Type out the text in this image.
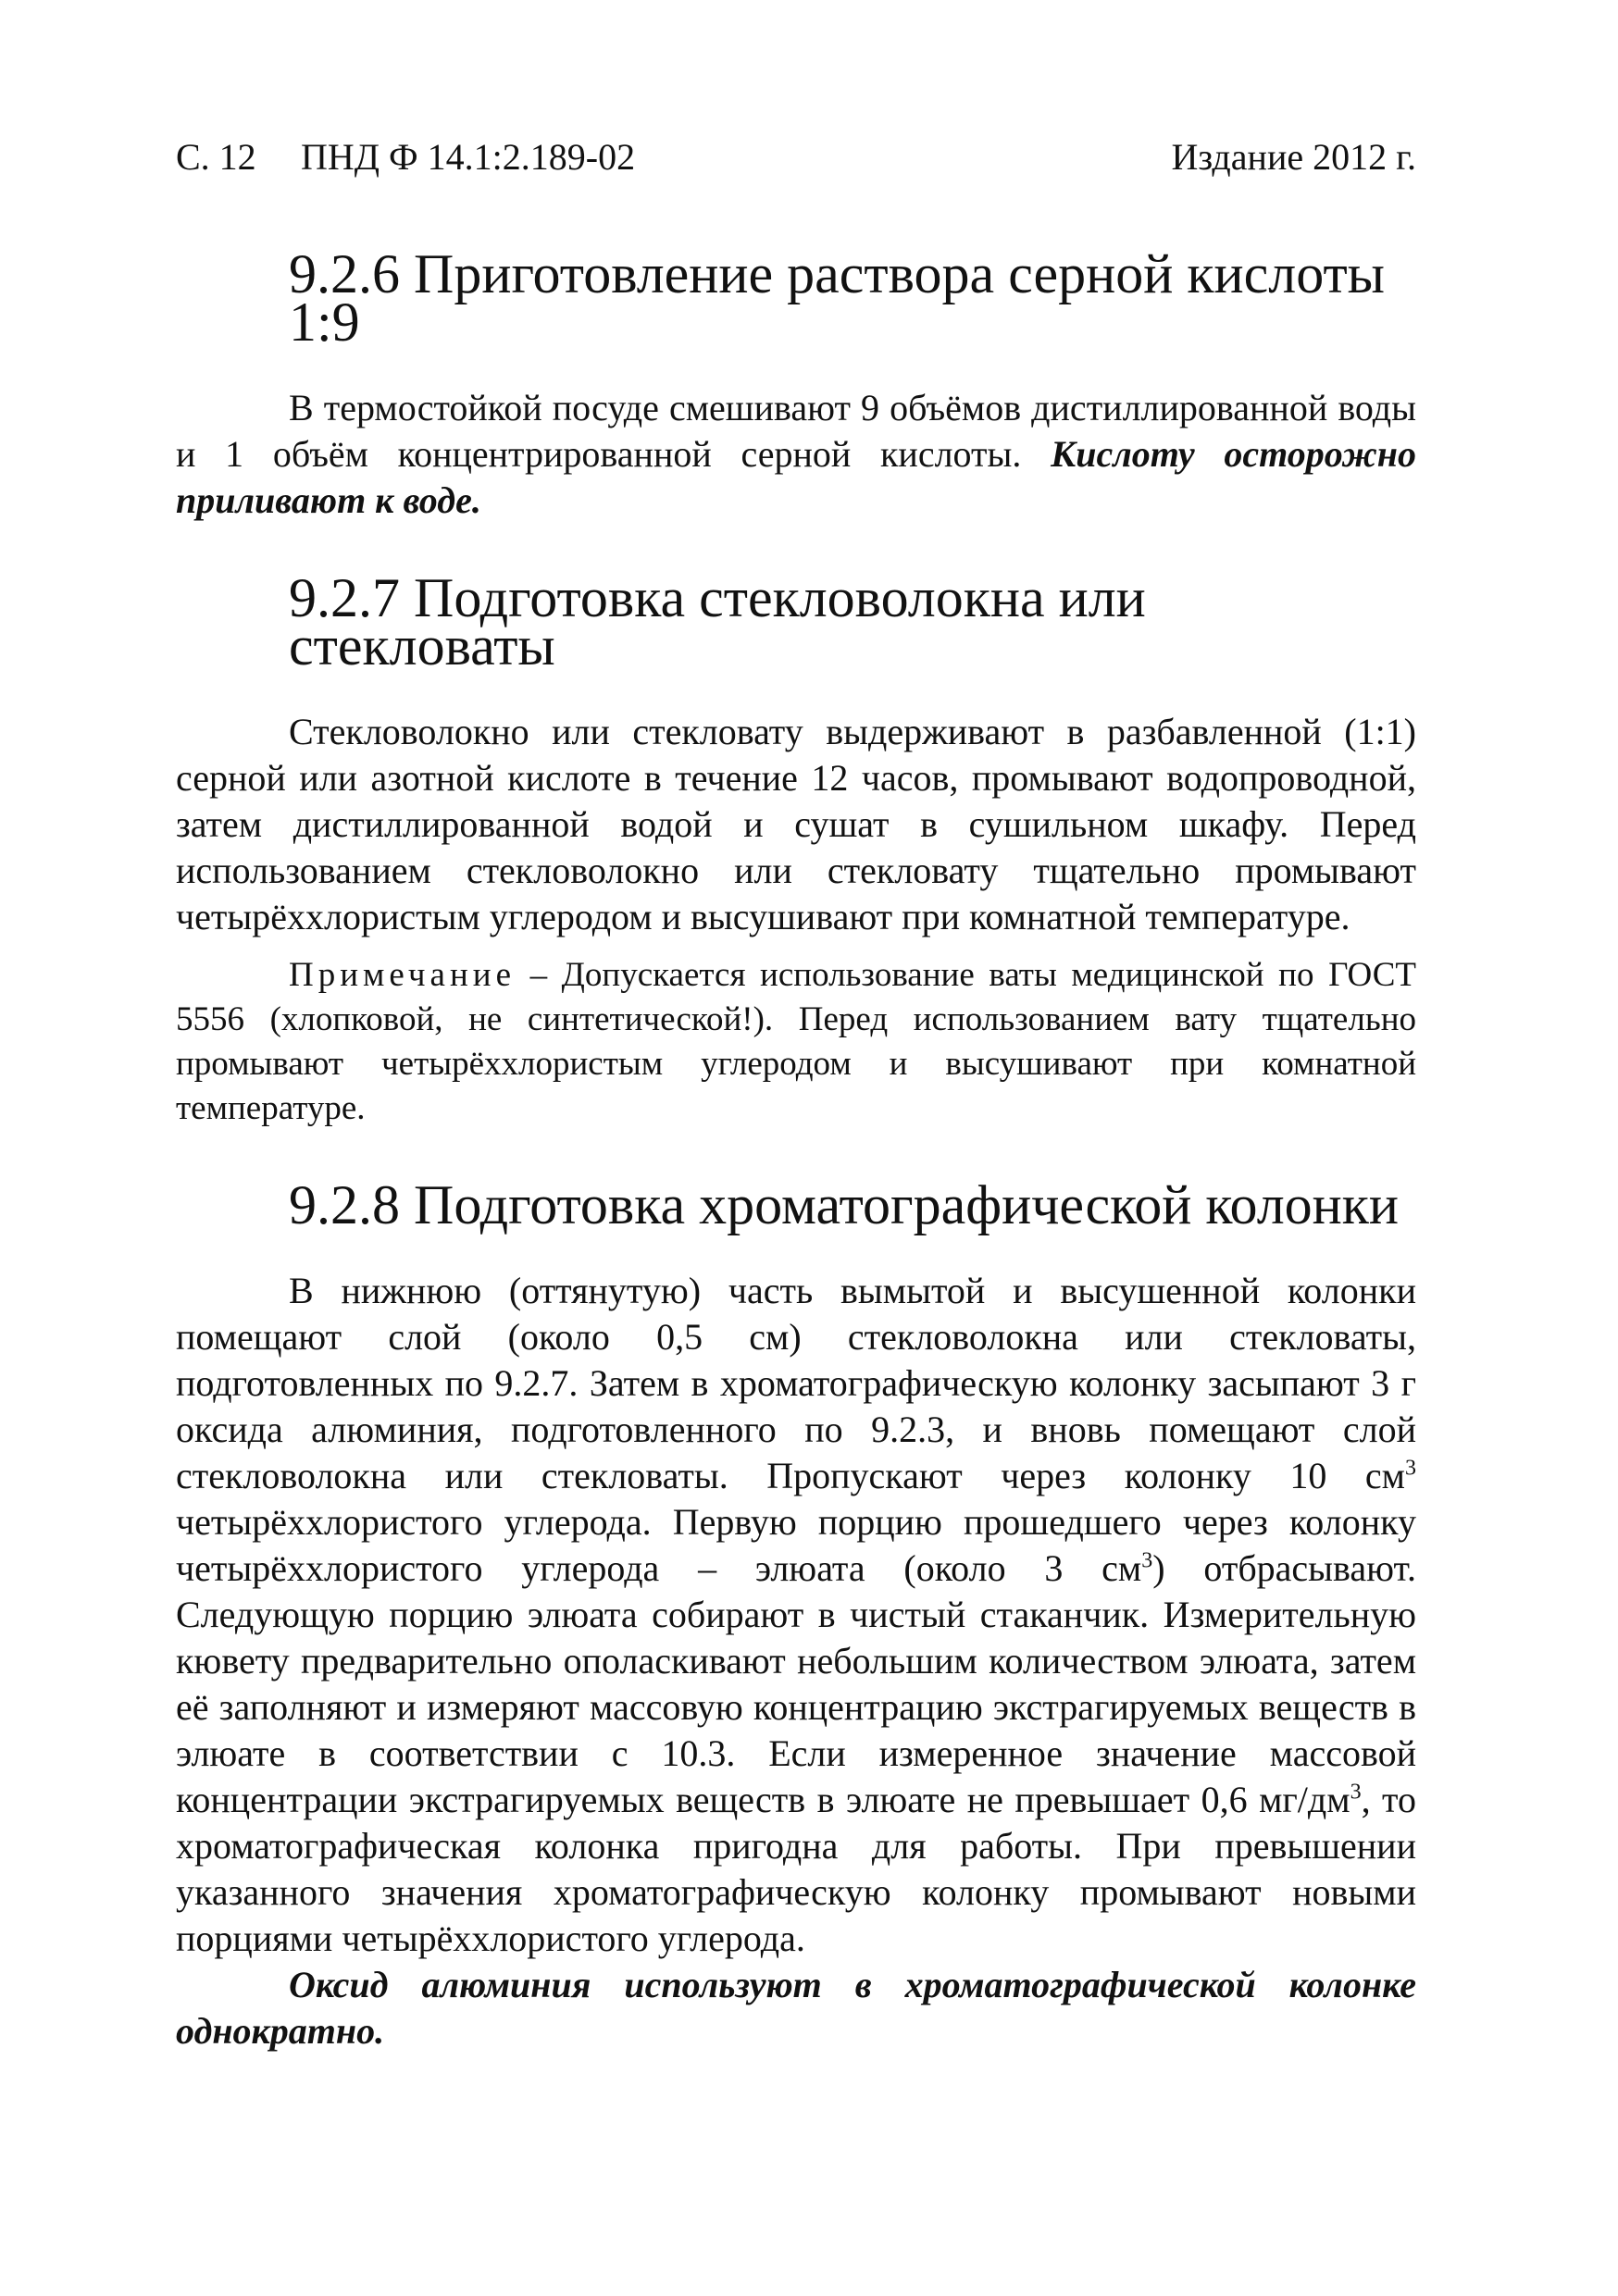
С. 12 ПНД Ф 14.1:2.189-02	Издание 2012 г.
9.2.6 Приготовление раствора серной кислоты 1:9

В термостойкой посуде смешивают 9 объёмов дистиллированной воды и 1 объём концентрированной серной кислоты. Кислоту осторожно приливают к воде.

9.2.7 Подготовка стекловолокна или стекловаты

Стекловолокно или стекловату выдерживают в разбавленной (1:1) серной или азотной кислоте в течение 12 часов, промывают водопроводной, затем дистиллированной водой и сушат в сушильном шкафу. Перед использованием стекловолокно или стекловату тщательно промывают четырёххлористым углеродом и высушивают при комнатной температуре.

Примечание – Допускается использование ваты медицинской по ГОСТ 5556 (хлопковой, не синтетической!). Перед использованием вату тщательно промывают четырёххлористым углеродом и высушивают при комнатной температуре.

9.2.8 Подготовка хроматографической колонки

В нижнюю (оттянутую) часть вымытой и высушенной колонки помещают слой (около 0,5 см) стекловолокна или стекловаты, подготовленных по 9.2.7. Затем в хроматографическую колонку засыпают 3 г оксида алюминия, подготовленного по 9.2.3, и вновь помещают слой стекловолокна или стекловаты. Пропускают через колонку 10 $см^3$ четырёххлористого углерода. Первую порцию прошедшего через колонку четырёххлористого углерода – элюата (около 3 $см^3$) отбрасывают. Следующую порцию элюата собирают в чистый стаканчик. Измерительную кювету предварительно ополаскивают небольшим количеством элюата, затем её заполняют и измеряют массовую концентрацию экстрагируемых веществ в элюате в соответствии с 10.3. Если измеренное значение массовой концентрации экстрагируемых веществ в элюате не превышает 0,6 $мг/дм^3$, то хроматографическая колонка пригодна для работы. При превышении указанного значения хроматографическую колонку промывают новыми порциями четырёххлористого углерода.

Оксид алюминия используют в хроматографической колонке однократно.
